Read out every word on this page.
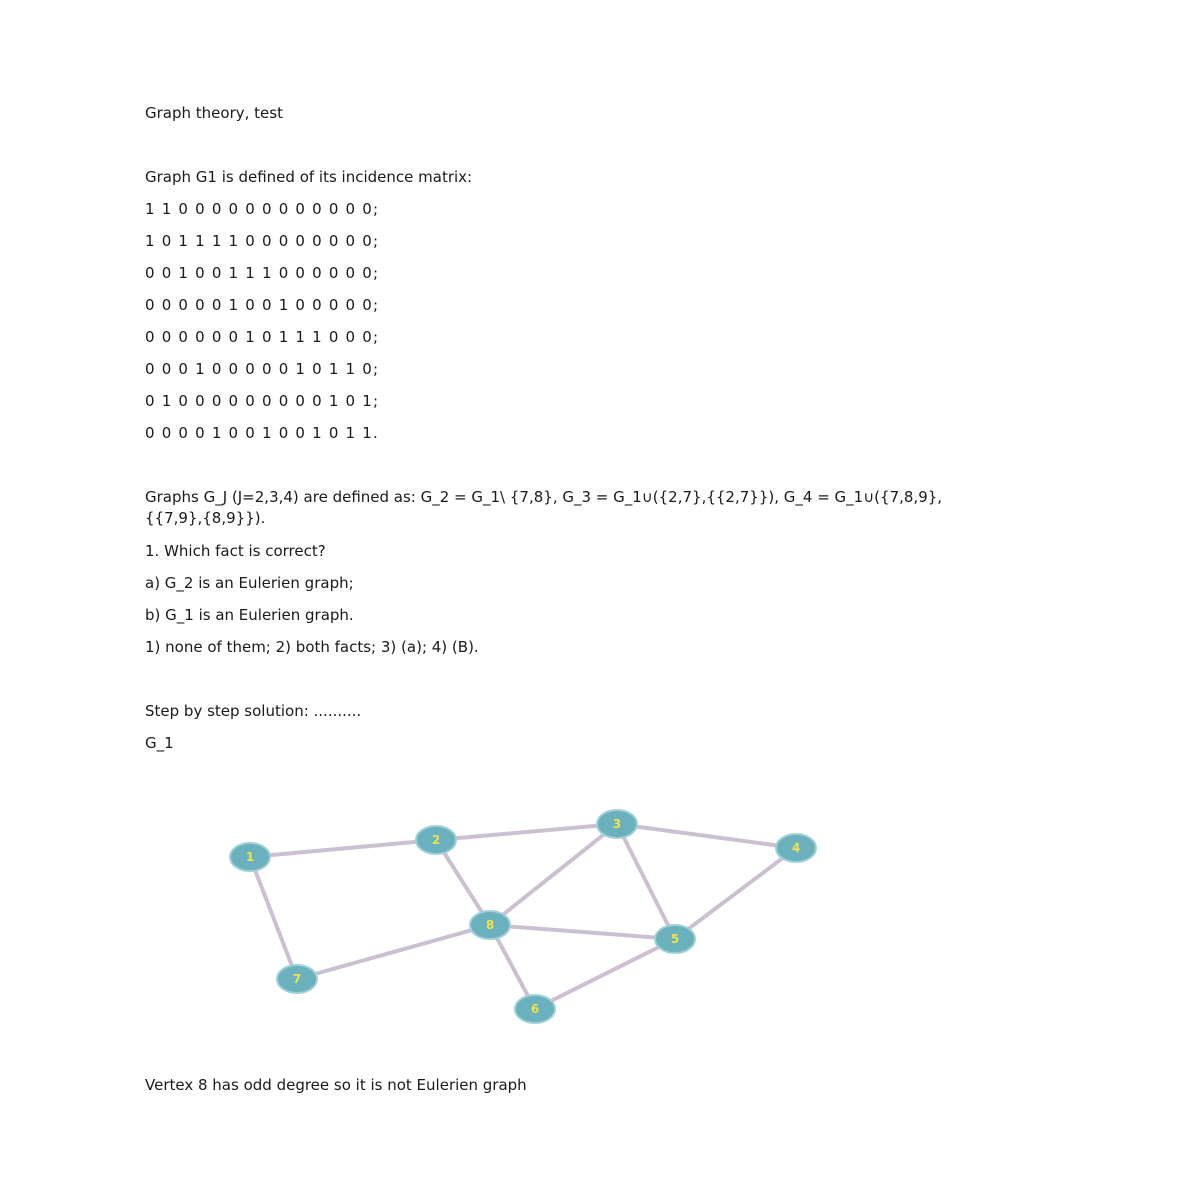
Graph theory, test
Graph G1 is defined of its incidence matrix:
1 1 0 0 0 0 0 0 0 0 0 0 0 0;
1 0 1 1 1 1 0 0 0 0 0 0 0 0;
0 0 1 0 0 1 1 1 0 0 0 0 0 0;
0 0 0 0 0 1 0 0 1 0 0 0 0 0;
0 0 0 0 0 0 1 0 1 1 1 0 0 0;
0 0 0 1 0 0 0 0 0 1 0 1 1 0;
0 1 0 0 0 0 0 0 0 0 0 1 0 1;
0 0 0 0 1 0 0 1 0 0 1 0 1 1.
Graphs G_J (J=2,3,4) are defined as: G_2 = G_1\ {7,8}, G_3 = G_1∪({2,7},{{2,7}}), G_4 = G_1∪({7,8,9},{{7,9},{8,9}}).
1. Which fact is correct?
a) G_2 is an Eulerien graph;
b) G_1 is an Eulerien graph.
1) none of them; 2) both facts; 3) (a); 4) (B).
Step by step solution: ..........
G_1
1
2
3
4
5
6
7
8
Vertex 8 has odd degree so it is not Eulerien graph
